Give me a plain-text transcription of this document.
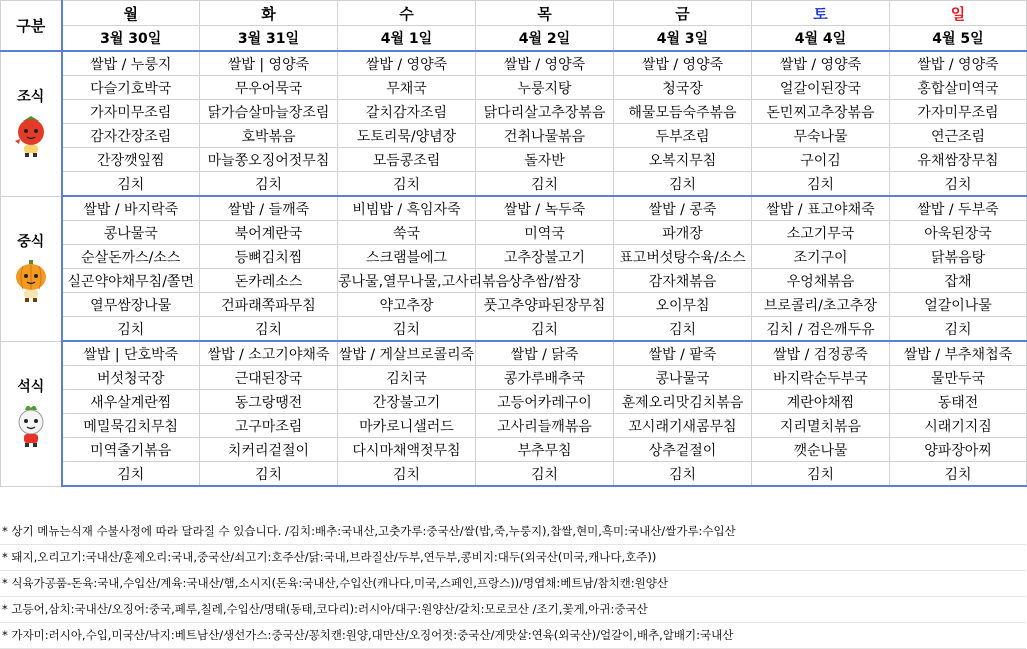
구분	월	화	수	목	금	토	일
	3월 30일	3월 31일	4월 1일	4월 2일	4월 3일	4월 4일	4월 5일

조식	쌀밥 / 누룽지	쌀밥 | 영양죽	쌀밥 / 영양죽	쌀밥 / 영양죽	쌀밥 / 영양죽	쌀밥 / 영양죽	쌀밥 / 영양죽
	다슬기호박국	무우어묵국	무채국	누룽지탕	청국장	얼갈이된장국	홍합살미역국
	가자미무조림	닭가슴살마늘장조림	갈치감자조림	닭다리살고추장볶음	해물모듬숙주볶음	돈민찌고추장볶음	가자미무조림
	감자간장조림	호박볶음	도토리묵/양념장	건취나물볶음	두부조림	무숙나물	연근조림
	간장깻잎찜	마늘쫑오징어젓무침	모듬콩조림	돌자반	오복지무침	구이김	유채쌈장무침
	김치	김치	김치	김치	김치	김치	김치

중식	쌀밥 / 바지락죽	쌀밥 / 들깨죽	비빔밥 / 흑임자죽	쌀밥 / 녹두죽	쌀밥 / 콩죽	쌀밥 / 표고야채죽	쌀밥 / 두부죽
	콩나물국	북어계란국	쑥국	미역국	파개장	소고기무국	아욱된장국
	순살돈까스/소스	등뼈김치찜	스크램블에그	고추장불고기	표고버섯탕수육/소스	조기구이	닭볶음탕
	실곤약야채무침/쫄면	돈카레소스	콩나물,열무나물,고사리볶음	상추쌈/쌈장	감자채볶음	우엉채볶음	잡채
	열무쌈장나물	건파래쪽파무침	약고추장	풋고추양파된장무침	오이무침	브로콜리/초고추장	얼갈이나물
	김치	김치	김치	김치	김치	김치 / 검은깨두유	김치

석식	쌀밥 | 단호박죽	쌀밥 / 소고기야채죽	쌀밥 / 게살브로콜리죽	쌀밥 / 닭죽	쌀밥 / 팥죽	쌀밥 / 검정콩죽	쌀밥 / 부추채첩죽
	버섯청국장	근대된장국	김치국	콩가루배추국	콩나물국	바지락순두부국	물만두국
	새우살계란찜	동그랑땡전	간장불고기	고등어카레구이	훈제오리맛김치볶음	계란야채찜	동태전
	메밀묵김치무침	고구마조림	마카로니샐러드	고사리들깨볶음	꼬시래기새콤무침	지리멸치볶음	시래기지짐
	미역줄기볶음	치커리겉절이	다시마채액젓무침	부추무침	상추겉절이	깻순나물	양파장아찌
	김치	김치	김치	김치	김치	김치	김치
* 상기 메뉴는식재 수불사정에 따라 달라질 수 있습니다. /김치:배추:국내산,고춧가루:중국산/쌀(밥,죽,누룽지),찹쌀,현미,흑미:국내산/쌀가루:수입산
* 돼지,오리고기:국내산/훈제오리:국내,중국산/쇠고기:호주산/닭:국내,브라질산/두부,연두부,콩비지:대두(외국산(미국,캐나다,호주))
* 식육가공품-돈육:국내,수입산/계육:국내산/햄,소시지(돈육:국내산,수입산(캐나다,미국,스페인,프랑스))/명엽채:베트남/참치캔:원양산
* 고등어,삼치:국내산/오징어:중국,페루,칠레,수입산/명태(동태,코다리):러시아/대구:원양산/갈치:모로코산 /조기,꽃게,아귀:중국산
* 가자미:러시아,수입,미국산/낙지:베트남산/생선가스:중국산/꽁치캔:원양,대만산/오징어젓:중국산/게맛살:연육(외국산)/얼갈이,배추,알배기:국내산
